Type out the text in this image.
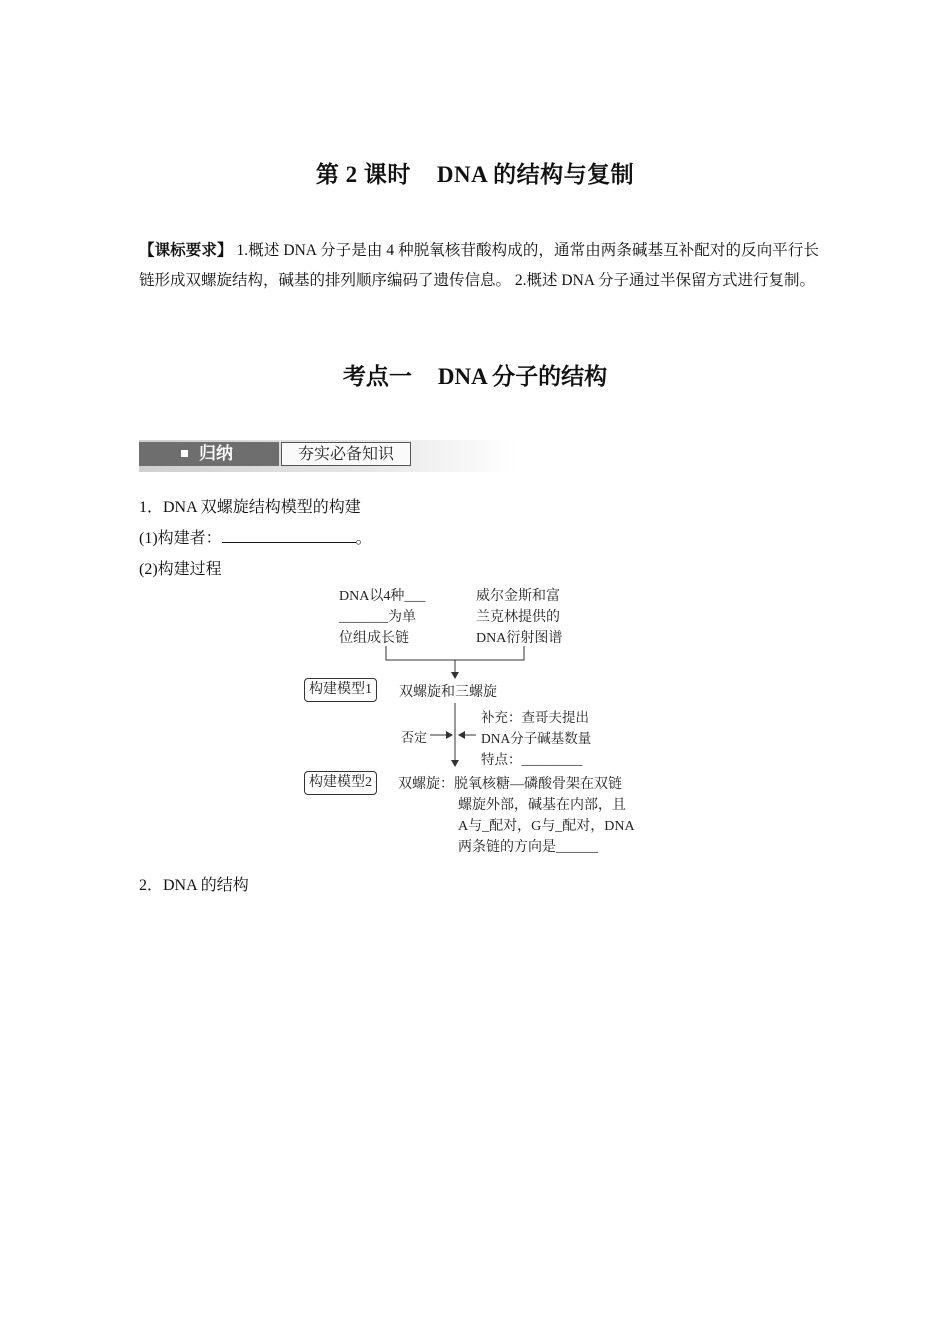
第 2 课时 DNA 的结构与复制
【课标要求】 1.概述 DNA 分子是由 4 种脱氧核苷酸构成的，通常由两条碱基互补配对的反向平行长链形成双螺旋结构，碱基的排列顺序编码了遗传信息。 2.概述 DNA 分子通过半保留方式进行复制。
考点一 DNA 分子的结构
归纳	夯实必备知识
1．DNA 双螺旋结构模型的构建
(1)构建者：	。
(2)构建过程
DNA以4种___
_______为单
位组成长链
威尔金斯和富
兰克林提供的
DNA衍射图谱
构建模型1	双螺旋和三螺旋
否定
补充：查哥夫提出
DNA分子碱基数量
特点：_________
构建模型2	双螺旋：脱氧核糖—磷酸骨架在双链
螺旋外部，碱基在内部，且
A与_配对，G与_配对，DNA
两条链的方向是______
2．DNA 的结构
